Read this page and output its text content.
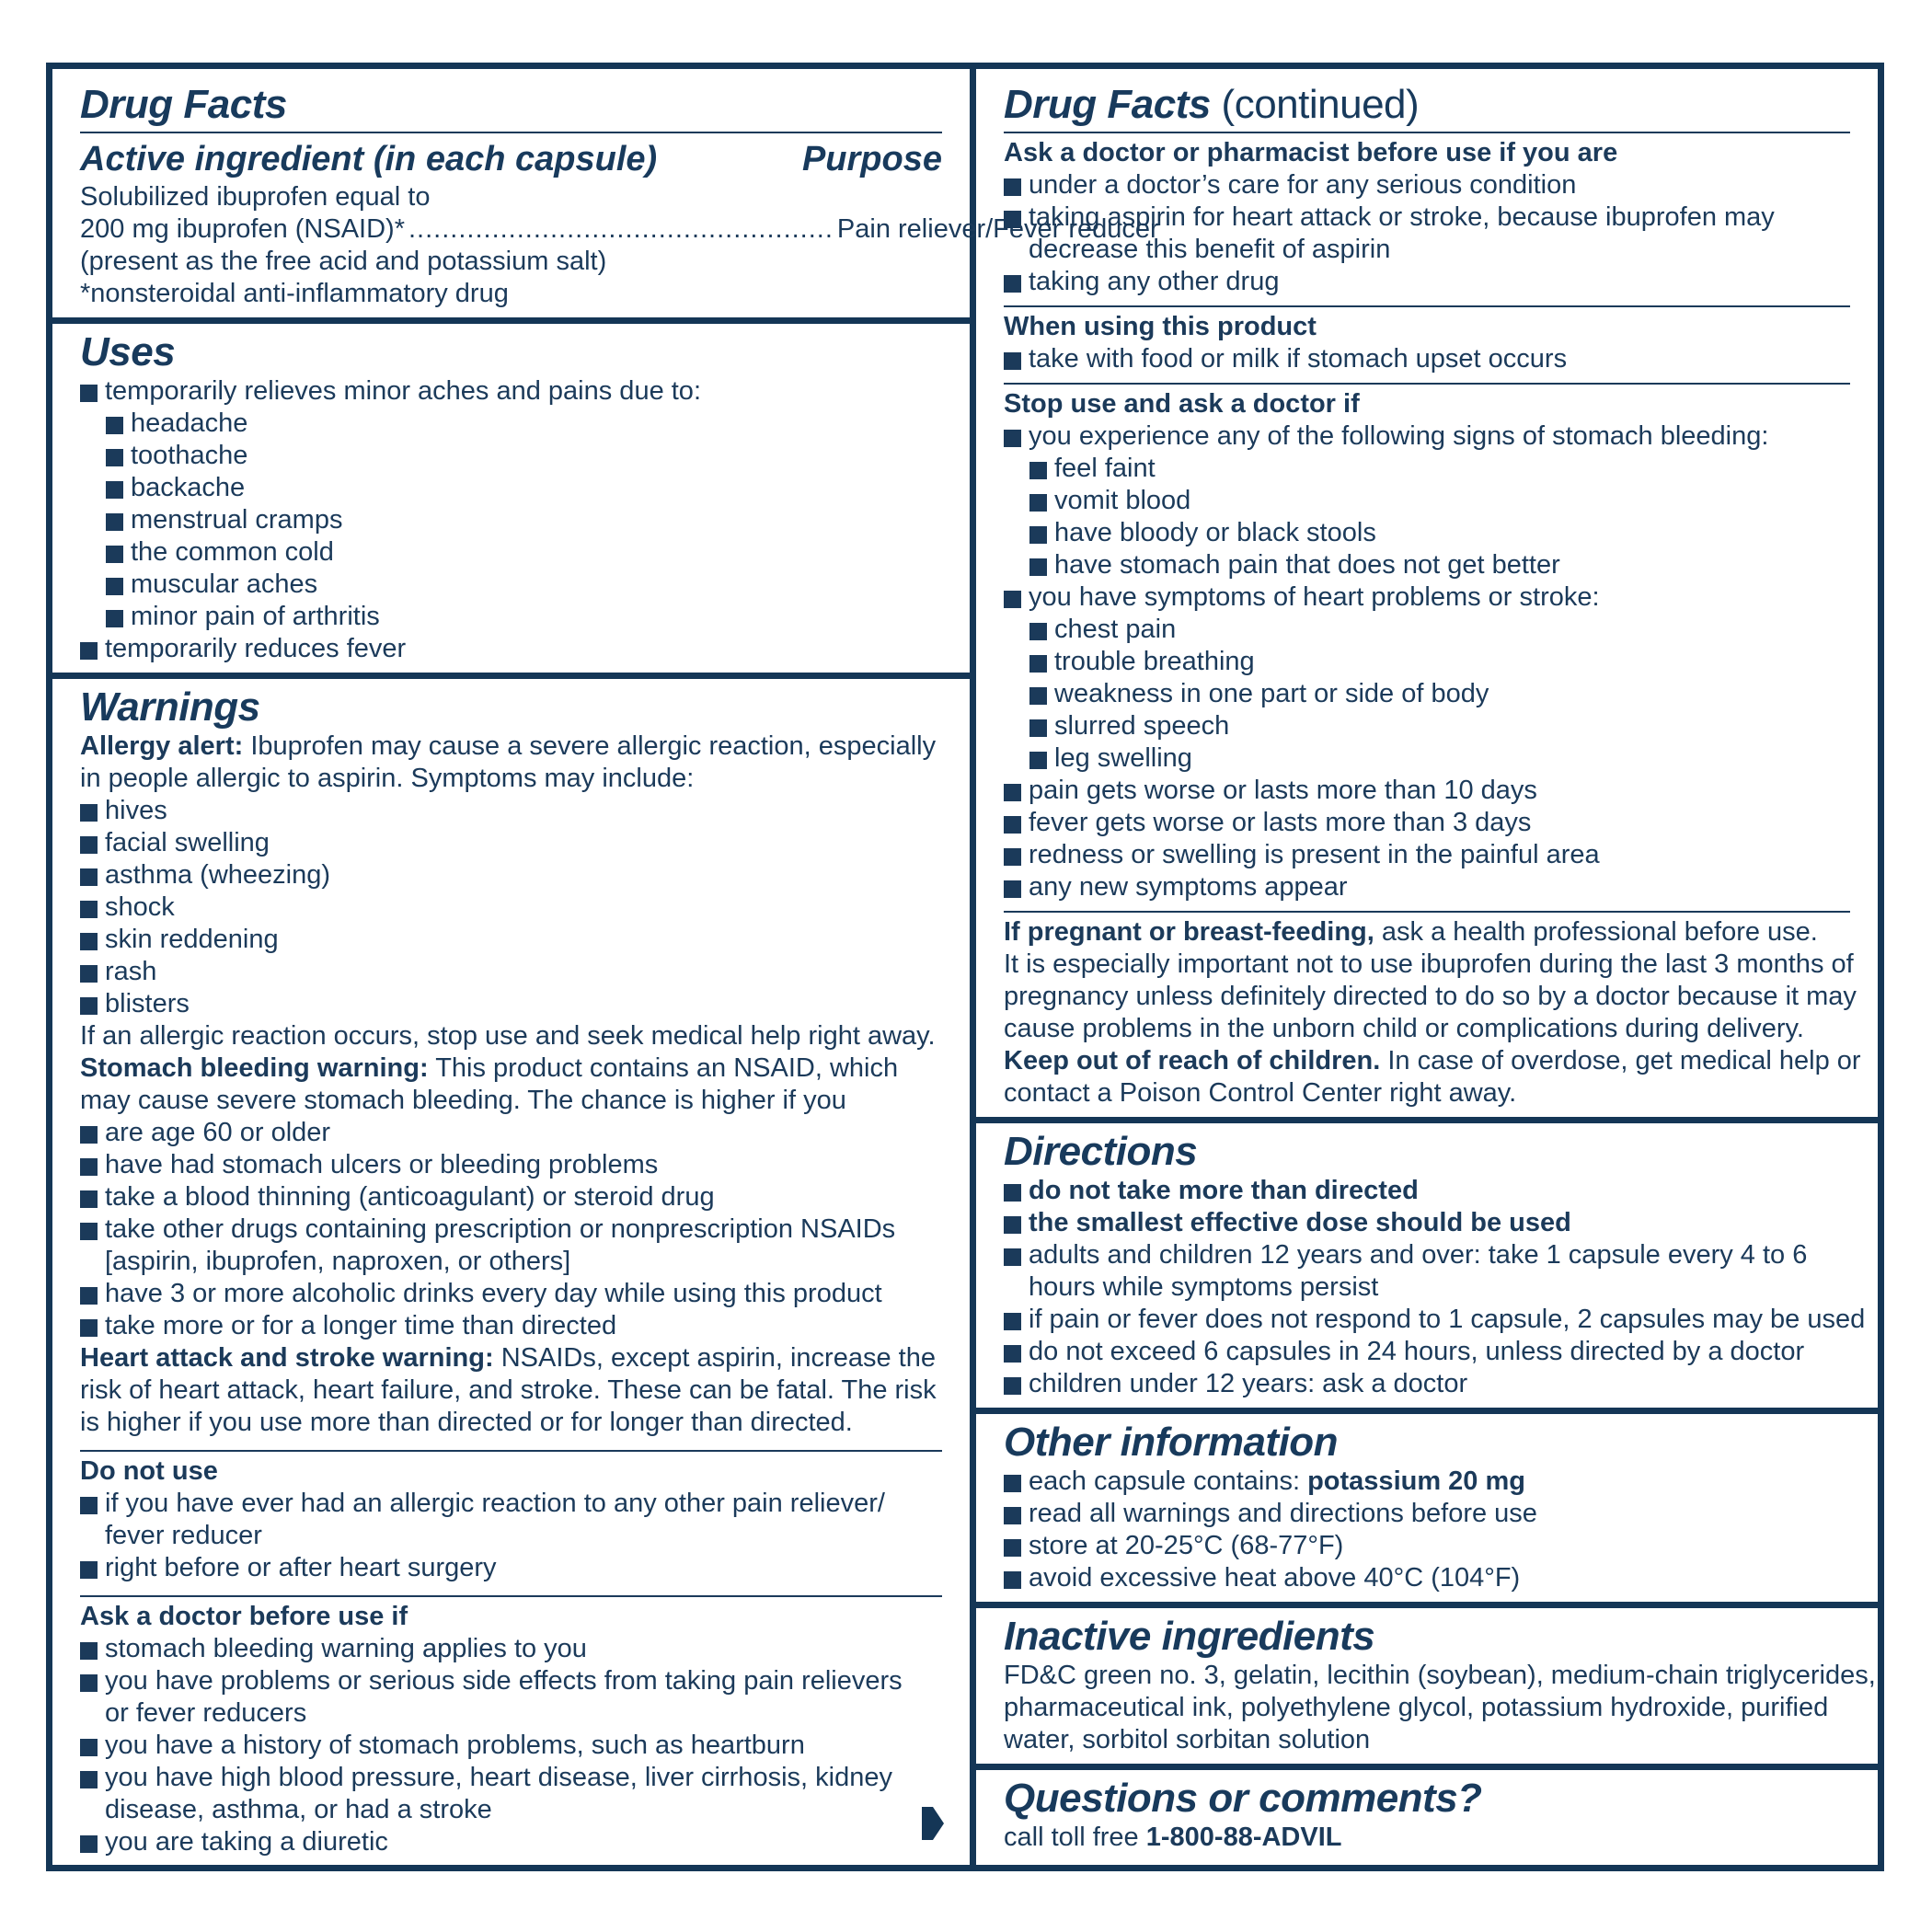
Drug Facts
Active ingredient (in each capsule)	Purpose
Solubilized ibuprofen equal to
200 mg ibuprofen (NSAID)* ................................................... Pain reliever/Fever reducer
(present as the free acid and potassium salt)
*nonsteroidal anti-inflammatory drug
Uses
temporarily relieves minor aches and pains due to:
headache
toothache
backache
menstrual cramps
the common cold
muscular aches
minor pain of arthritis
temporarily reduces fever
Warnings
Allergy alert: Ibuprofen may cause a severe allergic reaction, especially
in people allergic to aspirin. Symptoms may include:
hives
facial swelling
asthma (wheezing)
shock
skin reddening
rash
blisters
If an allergic reaction occurs, stop use and seek medical help right away.
Stomach bleeding warning: This product contains an NSAID, which
may cause severe stomach bleeding. The chance is higher if you
are age 60 or older
have had stomach ulcers or bleeding problems
take a blood thinning (anticoagulant) or steroid drug
take other drugs containing prescription or nonprescription NSAIDs [aspirin, ibuprofen, naproxen, or others]
have 3 or more alcoholic drinks every day while using this product
take more or for a longer time than directed
Heart attack and stroke warning: NSAIDs, except aspirin, increase the
risk of heart attack, heart failure, and stroke. These can be fatal. The risk
is higher if you use more than directed or for longer than directed.
Do not use
if you have ever had an allergic reaction to any other pain reliever/ fever reducer
right before or after heart surgery
Ask a doctor before use if
stomach bleeding warning applies to you
you have problems or serious side effects from taking pain relievers or fever reducers
you have a history of stomach problems, such as heartburn
you have high blood pressure, heart disease, liver cirrhosis, kidney disease, asthma, or had a stroke
you are taking a diuretic
Drug Facts (continued)
Ask a doctor or pharmacist before use if you are
under a doctor’s care for any serious condition
taking aspirin for heart attack or stroke, because ibuprofen may decrease this benefit of aspirin
taking any other drug
When using this product
take with food or milk if stomach upset occurs
Stop use and ask a doctor if
you experience any of the following signs of stomach bleeding:
feel faint
vomit blood
have bloody or black stools
have stomach pain that does not get better
you have symptoms of heart problems or stroke:
chest pain
trouble breathing
weakness in one part or side of body
slurred speech
leg swelling
pain gets worse or lasts more than 10 days
fever gets worse or lasts more than 3 days
redness or swelling is present in the painful area
any new symptoms appear
If pregnant or breast-feeding, ask a health professional before use.
It is especially important not to use ibuprofen during the last 3 months of
pregnancy unless definitely directed to do so by a doctor because it may
cause problems in the unborn child or complications during delivery.
Keep out of reach of children. In case of overdose, get medical help or
contact a Poison Control Center right away.
Directions
do not take more than directed
the smallest effective dose should be used
adults and children 12 years and over: take 1 capsule every 4 to 6 hours while symptoms persist
if pain or fever does not respond to 1 capsule, 2 capsules may be used
do not exceed 6 capsules in 24 hours, unless directed by a doctor
children under 12 years: ask a doctor
Other information
each capsule contains: potassium 20 mg
read all warnings and directions before use
store at 20-25°C (68-77°F)
avoid excessive heat above 40°C (104°F)
Inactive ingredients
FD&C green no. 3, gelatin, lecithin (soybean), medium-chain triglycerides,
pharmaceutical ink, polyethylene glycol, potassium hydroxide, purified
water, sorbitol sorbitan solution
Questions or comments?
call toll free 1-800-88-ADVIL
